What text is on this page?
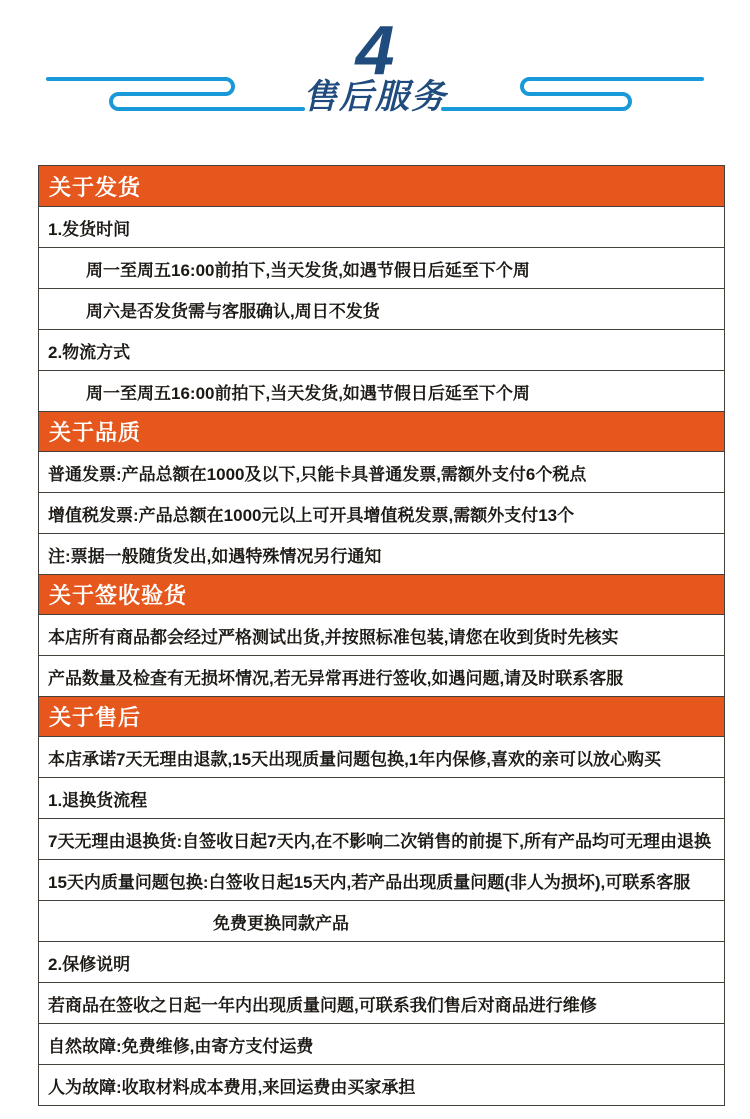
4
售后服务
关于发货
1.发货时间
周一至周五16:00前拍下,当天发货,如遇节假日后延至下个周
周六是否发货需与客服确认,周日不发货
2.物流方式
周一至周五16:00前拍下,当天发货,如遇节假日后延至下个周
关于品质
普通发票:产品总额在1000及以下,只能卡具普通发票,需额外支付6个税点
增值税发票:产品总额在1000元以上可开具增值税发票,需额外支付13个
注:票据一般随货发出,如遇特殊情况另行通知
关于签收验货
本店所有商品都会经过严格测试出货,并按照标准包装,请您在收到货时先核实
产品数量及检查有无损坏情况,若无异常再进行签收,如遇问题,请及时联系客服
关于售后
本店承诺7天无理由退款,15天出现质量问题包换,1年内保修,喜欢的亲可以放心购买
1.退换货流程
7天无理由退换货:自签收日起7天内,在不影响二次销售的前提下,所有产品均可无理由退换
15天内质量问题包换:白签收日起15天内,若产品出现质量问题(非人为损坏),可联系客服
免费更换同款产品
2.保修说明
若商品在签收之日起一年内出现质量问题,可联系我们售后对商品进行维修
自然故障:免费维修,由寄方支付运费
人为故障:收取材料成本费用,来回运费由买家承担
